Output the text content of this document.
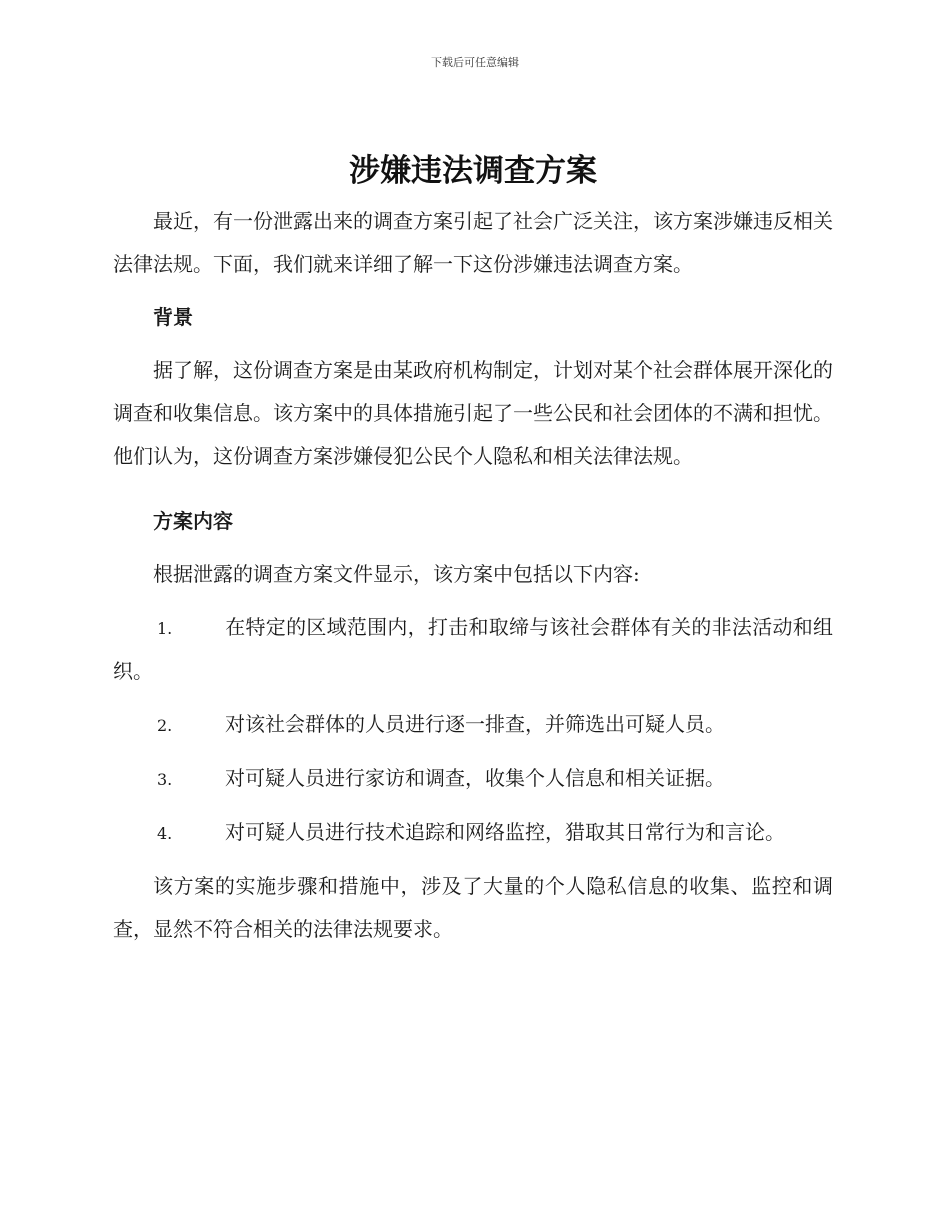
下载后可任意编辑
涉嫌违法调查方案

最近，有一份泄露出来的调查方案引起了社会广泛关注，该方案涉嫌违反相关法律法规。下面，我们就来详细了解一下这份涉嫌违法调查方案。

背景

据了解，这份调查方案是由某政府机构制定，计划对某个社会群体展开深化的调查和收集信息。该方案中的具体措施引起了一些公民和社会团体的不满和担忧。他们认为，这份调查方案涉嫌侵犯公民个人隐私和相关法律法规。

方案内容

根据泄露的调查方案文件显示，该方案中包括以下内容:

1.	在特定的区域范围内，打击和取缔与该社会群体有关的非法活动和组织。
2.	对该社会群体的人员进行逐一排查，并筛选出可疑人员。
3.	对可疑人员进行家访和调查，收集个人信息和相关证据。
4.	对可疑人员进行技术追踪和网络监控，猎取其日常行为和言论。

该方案的实施步骤和措施中，涉及了大量的个人隐私信息的收集、监控和调查，显然不符合相关的法律法规要求。
